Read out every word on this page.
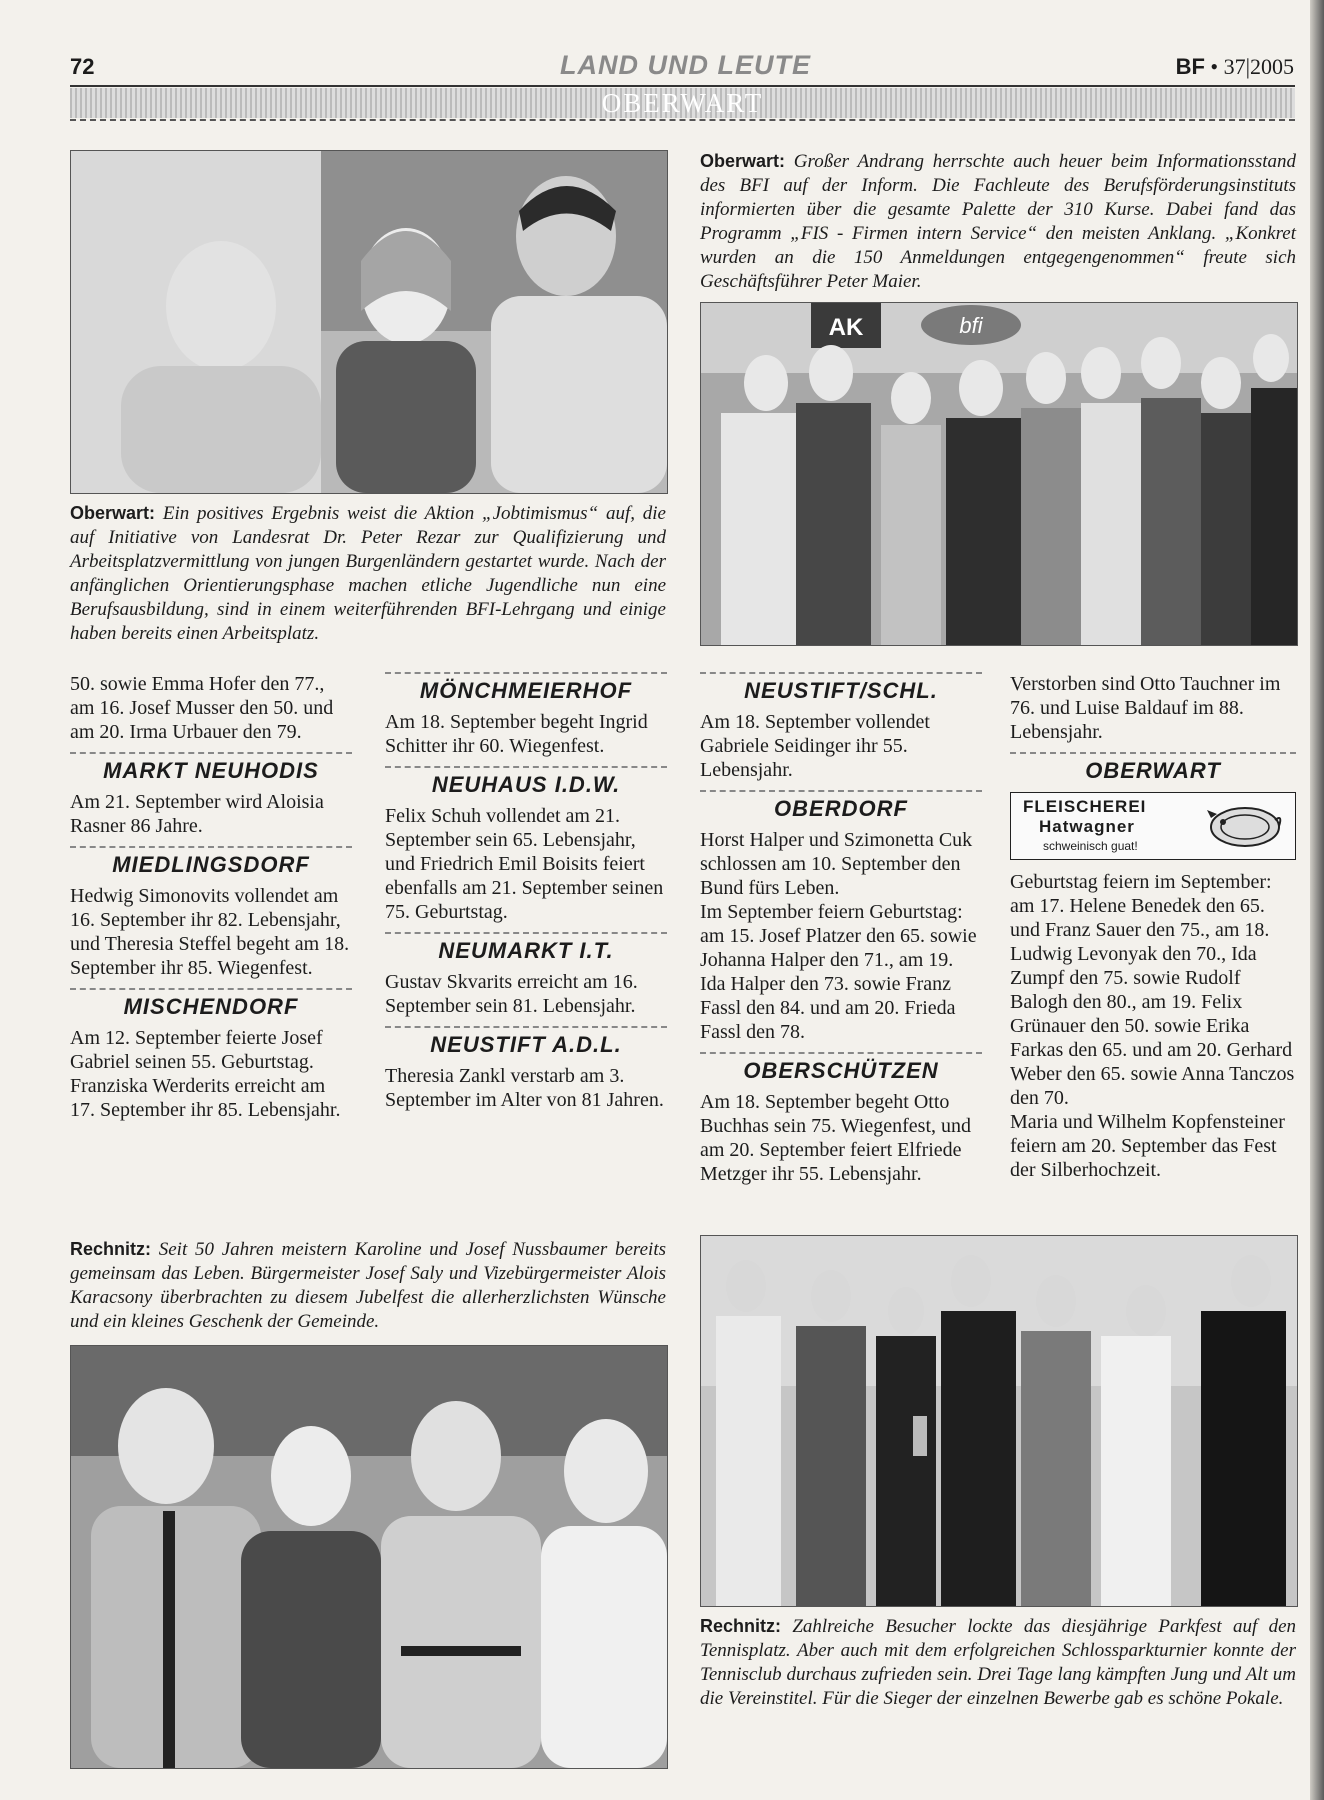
72	LAND UND LEUTE	BF • 37|2005
OBERWART
AK	bfi
Oberwart: Ein positives Ergebnis weist die Aktion „Jobtimismus“ auf, die auf Initiative von Landesrat Dr. Peter Rezar zur Qualifizierung und Arbeitsplatzvermittlung von jungen Burgenländern gestartet wurde. Nach der anfänglichen Orientierungsphase machen etliche Jugendliche nun eine Berufsausbildung, sind in einem weiterführenden BFI-Lehrgang und einige haben bereits einen Arbeitsplatz.
Oberwart: Großer Andrang herrschte auch heuer beim Informationsstand des BFI auf der Inform. Die Fachleute des Berufsförderungsinstituts informierten über die gesamte Palette der 310 Kurse. Dabei fand das Programm „FIS - Firmen intern Service“ den meisten Anklang. „Konkret wurden an die 150 Anmeldungen entgegengenommen“ freute sich Geschäftsführer Peter Maier.

50. sowie Emma Hofer den 77., am 16. Josef Musser den 50. und am 20. Irma Urbauer den 79.

MARKT NEUHODIS

Am 21. September wird Aloisia Rasner 86 Jahre.

MIEDLINGSDORF

Hedwig Simonovits vollendet am 16. September ihr 82. Lebensjahr, und Theresia Steffel begeht am 18. September ihr 85. Wiegenfest.

MISCHENDORF

Am 12. September feierte Josef Gabriel seinen 55. Geburtstag.

Franziska Werderits erreicht am 17. September ihr 85. Lebensjahr.

MÖNCHMEIERHOF

Am 18. September begeht Ingrid Schitter ihr 60. Wiegenfest.

NEUHAUS I.D.W.

Felix Schuh vollendet am 21. September sein 65. Lebensjahr, und Friedrich Emil Boisits feiert ebenfalls am 21. September seinen 75. Geburtstag.

NEUMARKT I.T.

Gustav Skvarits erreicht am 16. September sein 81. Lebensjahr.

NEUSTIFT A.D.L.

Theresia Zankl verstarb am 3. September im Alter von 81 Jahren.

NEUSTIFT/SCHL.

Am 18. September vollendet Gabriele Seidinger ihr 55. Lebensjahr.

OBERDORF

Horst Halper und Szimonetta Cuk schlossen am 10. September den Bund fürs Leben.

Im September feiern Geburtstag: am 15. Josef Platzer den 65. sowie Johanna Halper den 71., am 19. Ida Halper den 73. sowie Franz Fassl den 84. und am 20. Frieda Fassl den 78.

OBERSCHÜTZEN

Am 18. September begeht Otto Buchhas sein 75. Wiegenfest, und am 20. September feiert Elfriede Metzger ihr 55. Lebensjahr.

Verstorben sind Otto Tauchner im 76. und Luise Baldauf im 88. Lebensjahr.

OBERWART
FLEISCHEREI
Hatwagner
schweinisch guat!

Geburtstag feiern im September: am 17. Helene Benedek den 65. und Franz Sauer den 75., am 18. Ludwig Levonyak den 70., Ida Zumpf den 75. sowie Rudolf Balogh den 80., am 19. Felix Grünauer den 50. sowie Erika Farkas den 65. und am 20. Gerhard Weber den 65. sowie Anna Tanczos den 70.

Maria und Wilhelm Kopfensteiner feiern am 20. September das Fest der Silberhochzeit.

Rechnitz: Seit 50 Jahren meistern Karoline und Josef Nussbaumer bereits gemeinsam das Leben. Bürgermeister Josef Saly und Vizebürgermeister Alois Karacsony überbrachten zu diesem Jubelfest die allerherzlichsten Wünsche und ein kleines Geschenk der Gemeinde.
Rechnitz: Zahlreiche Besucher lockte das diesjährige Parkfest auf den Tennisplatz. Aber auch mit dem erfolgreichen Schlossparkturnier konnte der Tennisclub durchaus zufrieden sein. Drei Tage lang kämpften Jung und Alt um die Vereinstitel. Für die Sieger der einzelnen Bewerbe gab es schöne Pokale.
